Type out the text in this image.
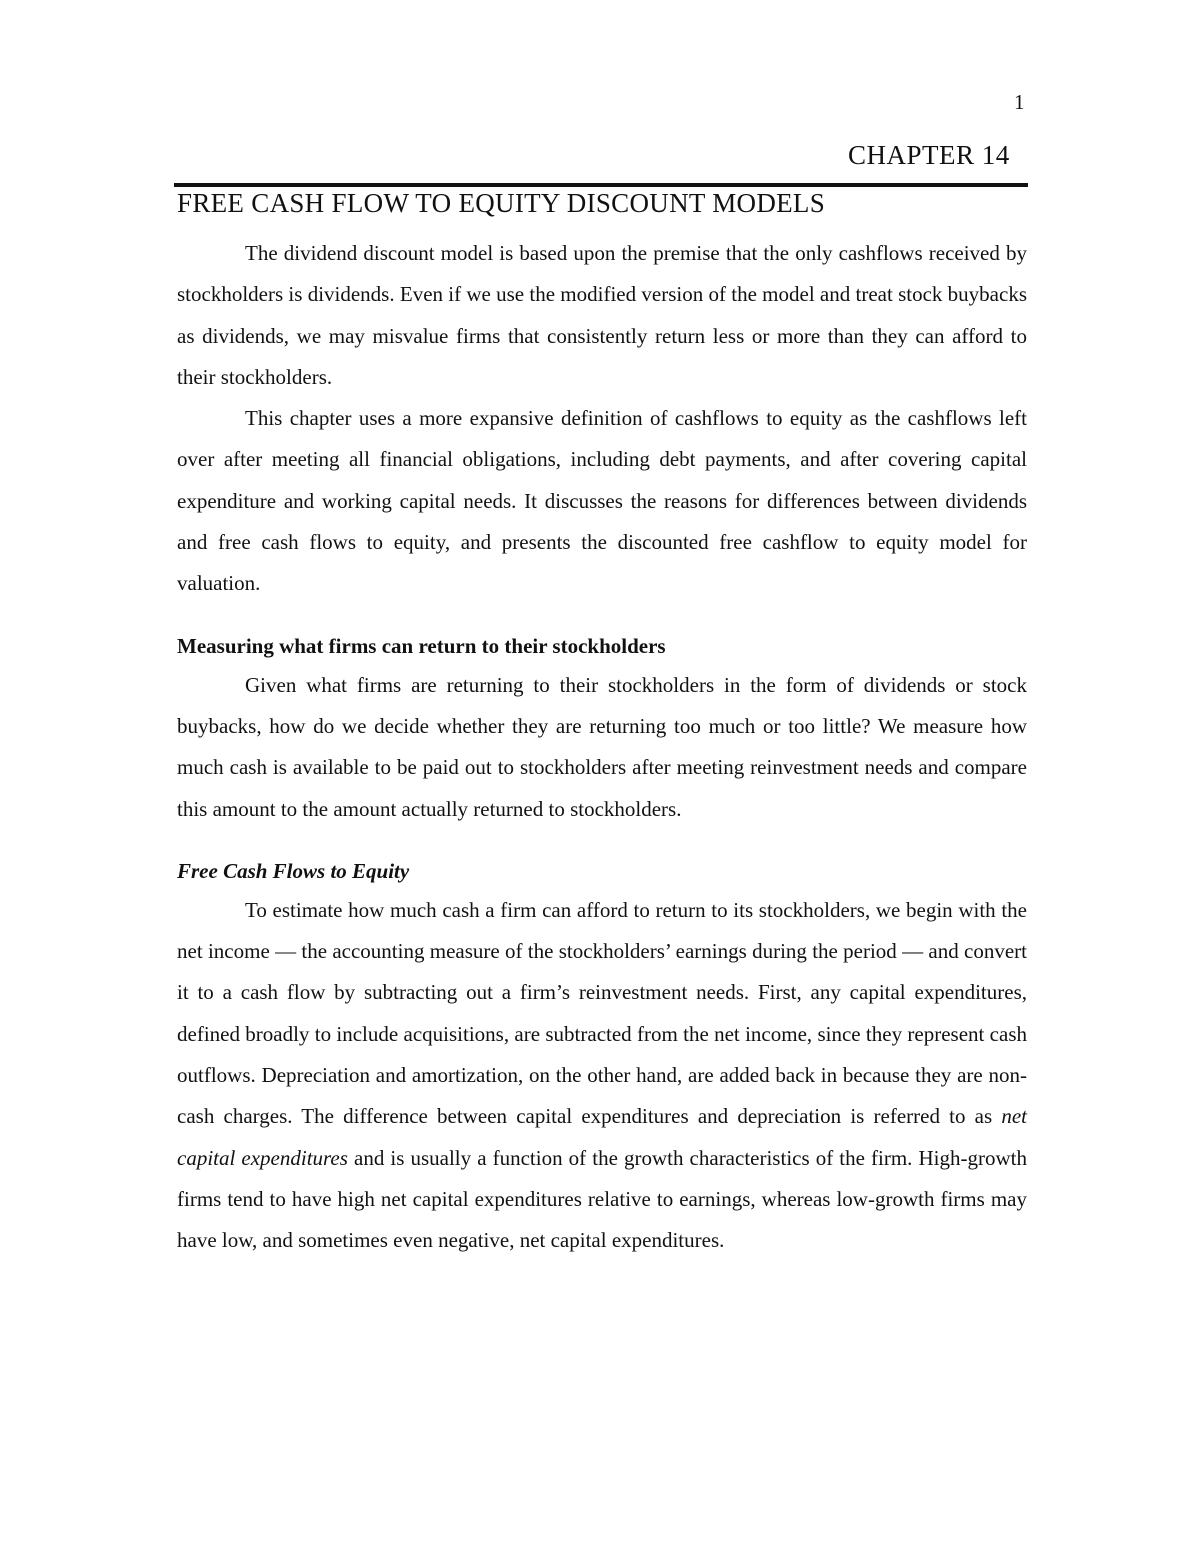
1
CHAPTER 14
FREE CASH FLOW TO EQUITY DISCOUNT MODELS

The dividend discount model is based upon the premise that the only cashflows received by stockholders is dividends. Even if we use the modified version of the model and treat stock buybacks as dividends, we may misvalue firms that consistently return less or more than they can afford to their stockholders.

This chapter uses a more expansive definition of cashflows to equity as the cashflows left over after meeting all financial obligations, including debt payments, and after covering capital expenditure and working capital needs. It discusses the reasons for differences between dividends and free cash flows to equity, and presents the discounted free cashflow to equity model for valuation.

Measuring what firms can return to their stockholders

Given what firms are returning to their stockholders in the form of dividends or stock buybacks, how do we decide whether they are returning too much or too little? We measure how much cash is available to be paid out to stockholders after meeting reinvestment needs and compare this amount to the amount actually returned to stockholders.

Free Cash Flows to Equity

To estimate how much cash a firm can afford to return to its stockholders, we begin with the net income — the accounting measure of the stockholders’ earnings during the period –– and convert it to a cash flow by subtracting out a firm’s reinvestment needs. First, any capital expenditures, defined broadly to include acquisitions, are subtracted from the net income, since they represent cash outflows. Depreciation and amortization, on the other hand, are added back in because they are non-cash charges. The difference between capital expenditures and depreciation is referred to as net capital expenditures and is usually a function of the growth characteristics of the firm. High-growth firms tend to have high net capital expenditures relative to earnings, whereas low-growth firms may have low, and sometimes even negative, net capital expenditures.
